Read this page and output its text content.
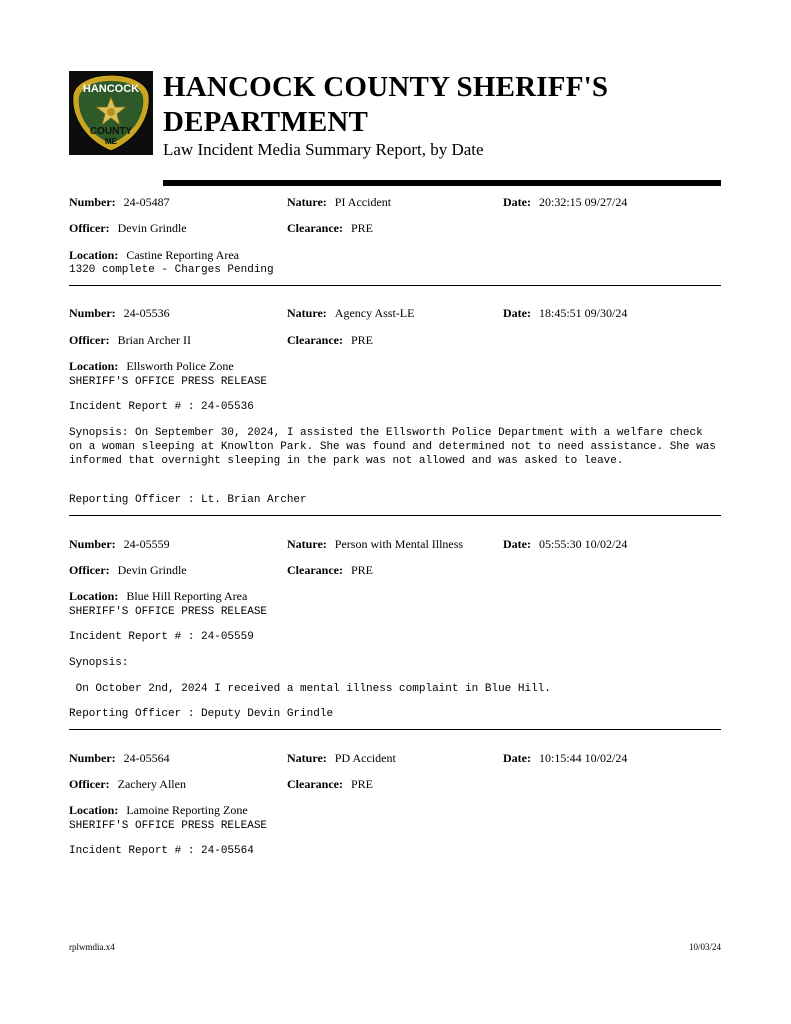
HANCOCK
COUNTY
ME
HANCOCK COUNTY SHERIFF'S DEPARTMENT
Law Incident Media Summary Report, by Date
Number: 24-05487	Nature: PI Accident	Date: 20:32:15 09/27/24
Officer: Devin Grindle	Clearance: PRE
Location: Castine Reporting Area
1320 complete - Charges Pending
Number: 24-05536	Nature: Agency Asst-LE	Date: 18:45:51 09/30/24
Officer: Brian Archer II	Clearance: PRE
Location: Ellsworth Police Zone
SHERIFF'S OFFICE PRESS RELEASE
Incident Report # : 24-05536
Synopsis: On September 30, 2024, I assisted the Ellsworth Police Department with a welfare check on a woman sleeping at Knowlton Park. She was found and determined not to need assistance. She was informed that overnight sleeping in the park was not allowed and was asked to leave.
Reporting Officer : Lt. Brian Archer
Number: 24-05559	Nature: Person with Mental Illness	Date: 05:55:30 10/02/24
Officer: Devin Grindle	Clearance: PRE
Location: Blue Hill Reporting Area
SHERIFF'S OFFICE PRESS RELEASE
Incident Report # : 24-05559
Synopsis:
On October 2nd, 2024 I received a mental illness complaint in Blue Hill.
Reporting Officer : Deputy Devin Grindle
Number: 24-05564	Nature: PD Accident	Date: 10:15:44 10/02/24
Officer: Zachery Allen	Clearance: PRE
Location: Lamoine Reporting Zone
SHERIFF'S OFFICE PRESS RELEASE
Incident Report # : 24-05564
rplwmdia.x4	10/03/24
